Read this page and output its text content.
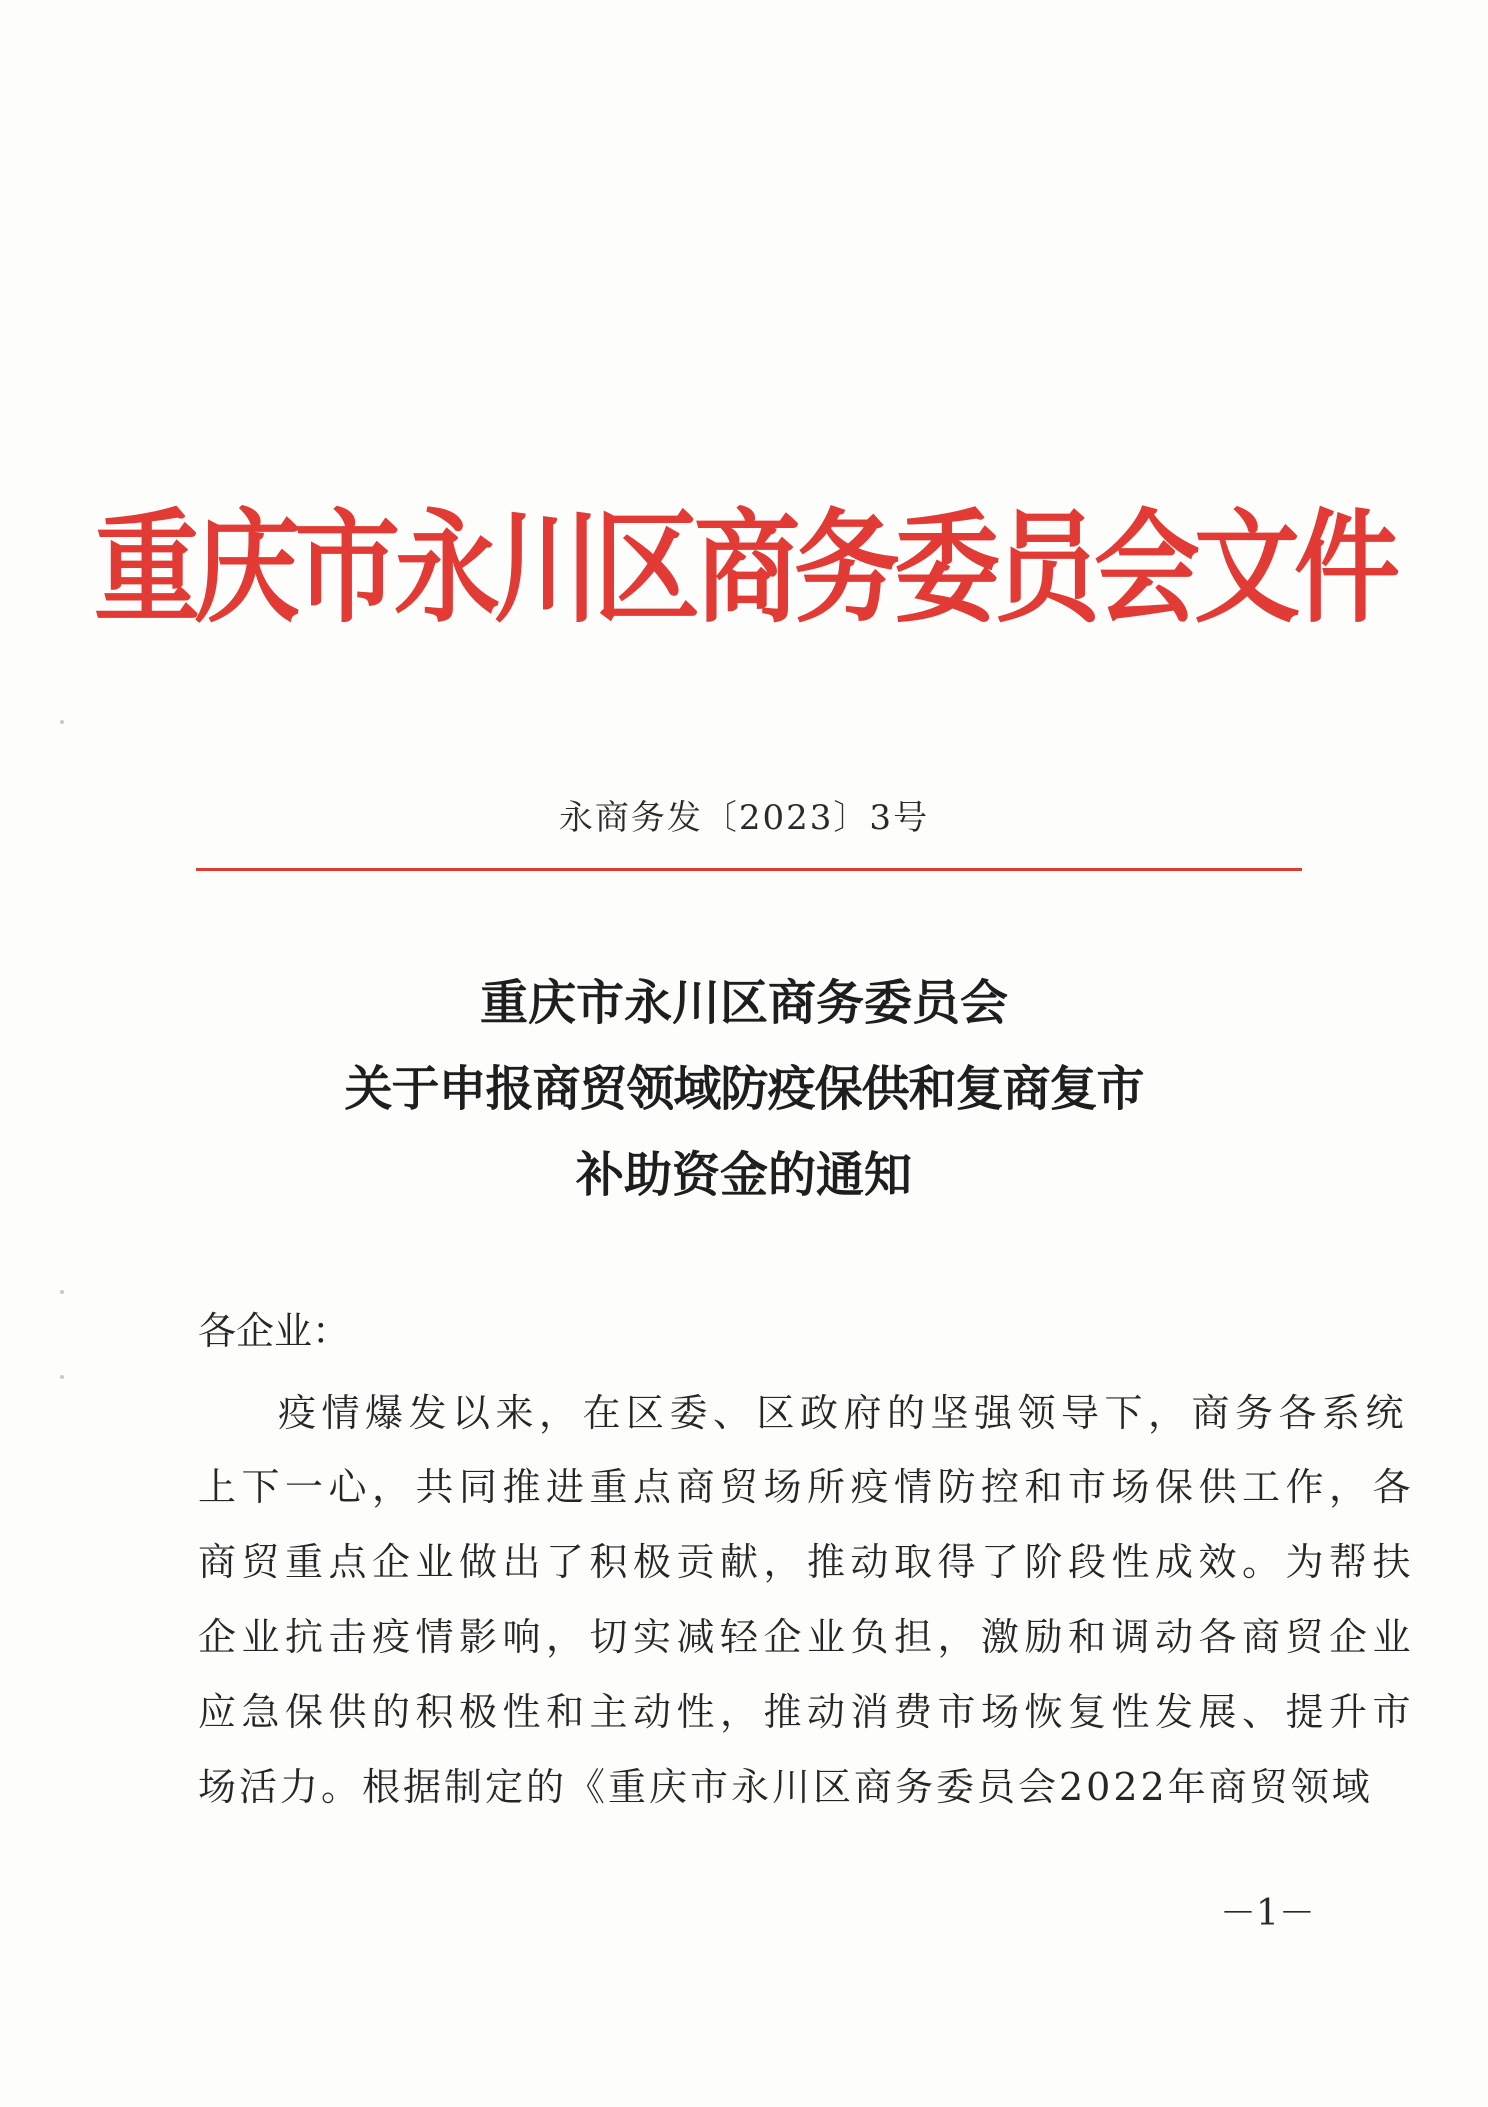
重庆市永川区商务委员会文件
永商务发〔2023〕3号
重庆市永川区商务委员会
关于申报商贸领域防疫保供和复商复市
补助资金的通知
各企业：
疫情爆发以来，在区委、区政府的坚强领导下，商务各系统
上下一心，共同推进重点商贸场所疫情防控和市场保供工作，各
商贸重点企业做出了积极贡献，推动取得了阶段性成效。为帮扶
企业抗击疫情影响，切实减轻企业负担，激励和调动各商贸企业
应急保供的积极性和主动性，推动消费市场恢复性发展、提升市
场活力。根据制定的《重庆市永川区商务委员会2022年商贸领域
－1－
